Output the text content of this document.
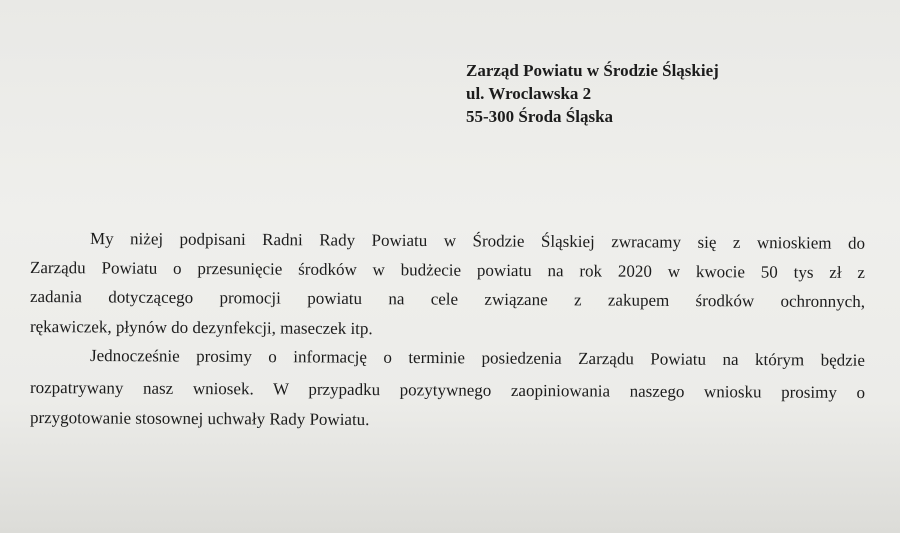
Zarząd Powiatu w Środzie Śląskiej
ul. Wroclawska 2
55-300 Środa Śląska
My niżej podpisani Radni Rady Powiatu w Środzie Śląskiej zwracamy się z wnioskiem do
Zarządu Powiatu o przesunięcie środków w budżecie powiatu na rok 2020 w kwocie 50 tys zł z
zadania dotyczącego promocji powiatu na cele związane z zakupem środków ochronnych,
rękawiczek, płynów do dezynfekcji, maseczek itp.
Jednocześnie prosimy o informację o terminie posiedzenia Zarządu Powiatu na którym będzie
rozpatrywany nasz wniosek. W przypadku pozytywnego zaopiniowania naszego wniosku prosimy o
przygotowanie stosownej uchwały Rady Powiatu.
